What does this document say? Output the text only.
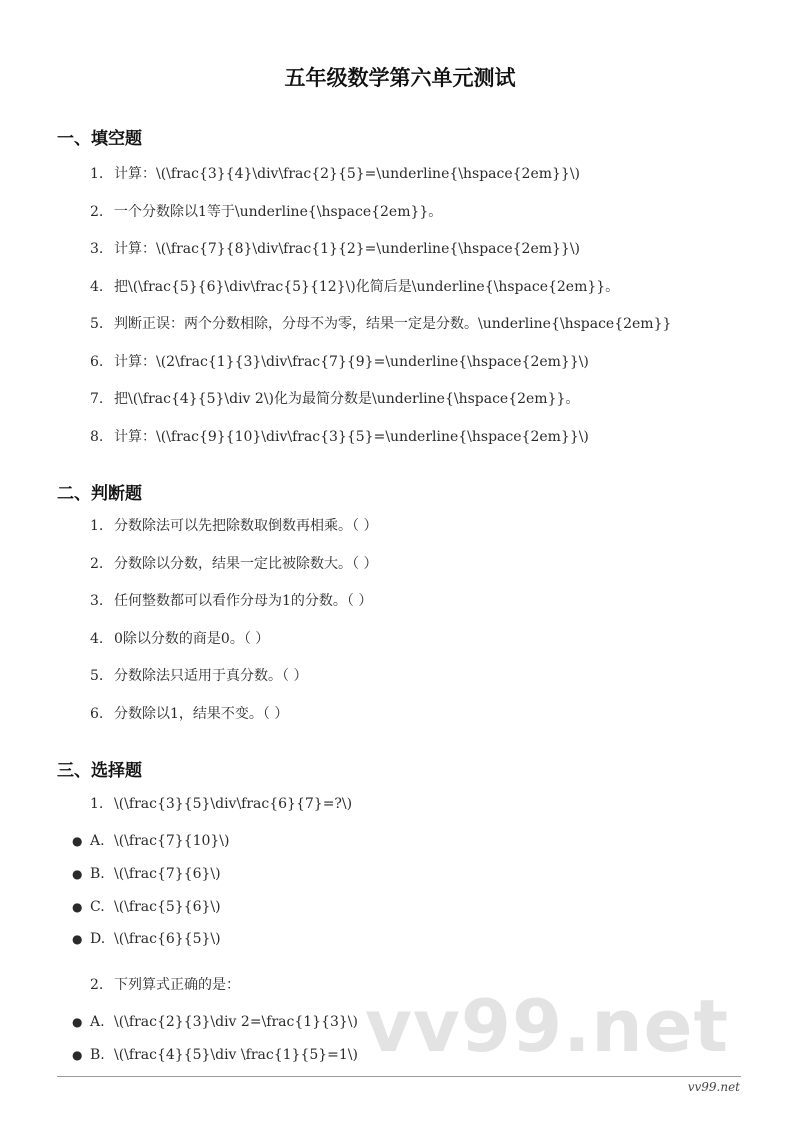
vv99.net
五年级数学第六单元测试
一、填空题
1. 计算：\(\frac{3}{4}\div\frac{2}{5}=\underline{\hspace{2em}}\)
2. 一个分数除以1等于\underline{\hspace{2em}}。
3. 计算：\(\frac{7}{8}\div\frac{1}{2}=\underline{\hspace{2em}}\)
4. 把\(\frac{5}{6}\div\frac{5}{12}\)化简后是\underline{\hspace{2em}}。
5. 判断正误：两个分数相除，分母不为零，结果一定是分数。\underline{\hspace{2em}}
6. 计算：\(2\frac{1}{3}\div\frac{7}{9}=\underline{\hspace{2em}}\)
7. 把\(\frac{4}{5}\div 2\)化为最简分数是\underline{\hspace{2em}}。
8. 计算：\(\frac{9}{10}\div\frac{3}{5}=\underline{\hspace{2em}}\)
二、判断题
1. 分数除法可以先把除数取倒数再相乘。（ ）
2. 分数除以分数，结果一定比被除数大。（ ）
3. 任何整数都可以看作分母为1的分数。（ ）
4. 0除以分数的商是0。（ ）
5. 分数除法只适用于真分数。（ ）
6. 分数除以1，结果不变。（ ）
三、选择题
1. \(\frac{3}{5}\div\frac{6}{7}=?\)
● A. \(\frac{7}{10}\)
● B. \(\frac{7}{6}\)
● C. \(\frac{5}{6}\)
● D. \(\frac{6}{5}\)
2. 下列算式正确的是：
● A. \(\frac{2}{3}\div 2=\frac{1}{3}\)
● B. \(\frac{4}{5}\div \frac{1}{5}=1\)
vv99.net
